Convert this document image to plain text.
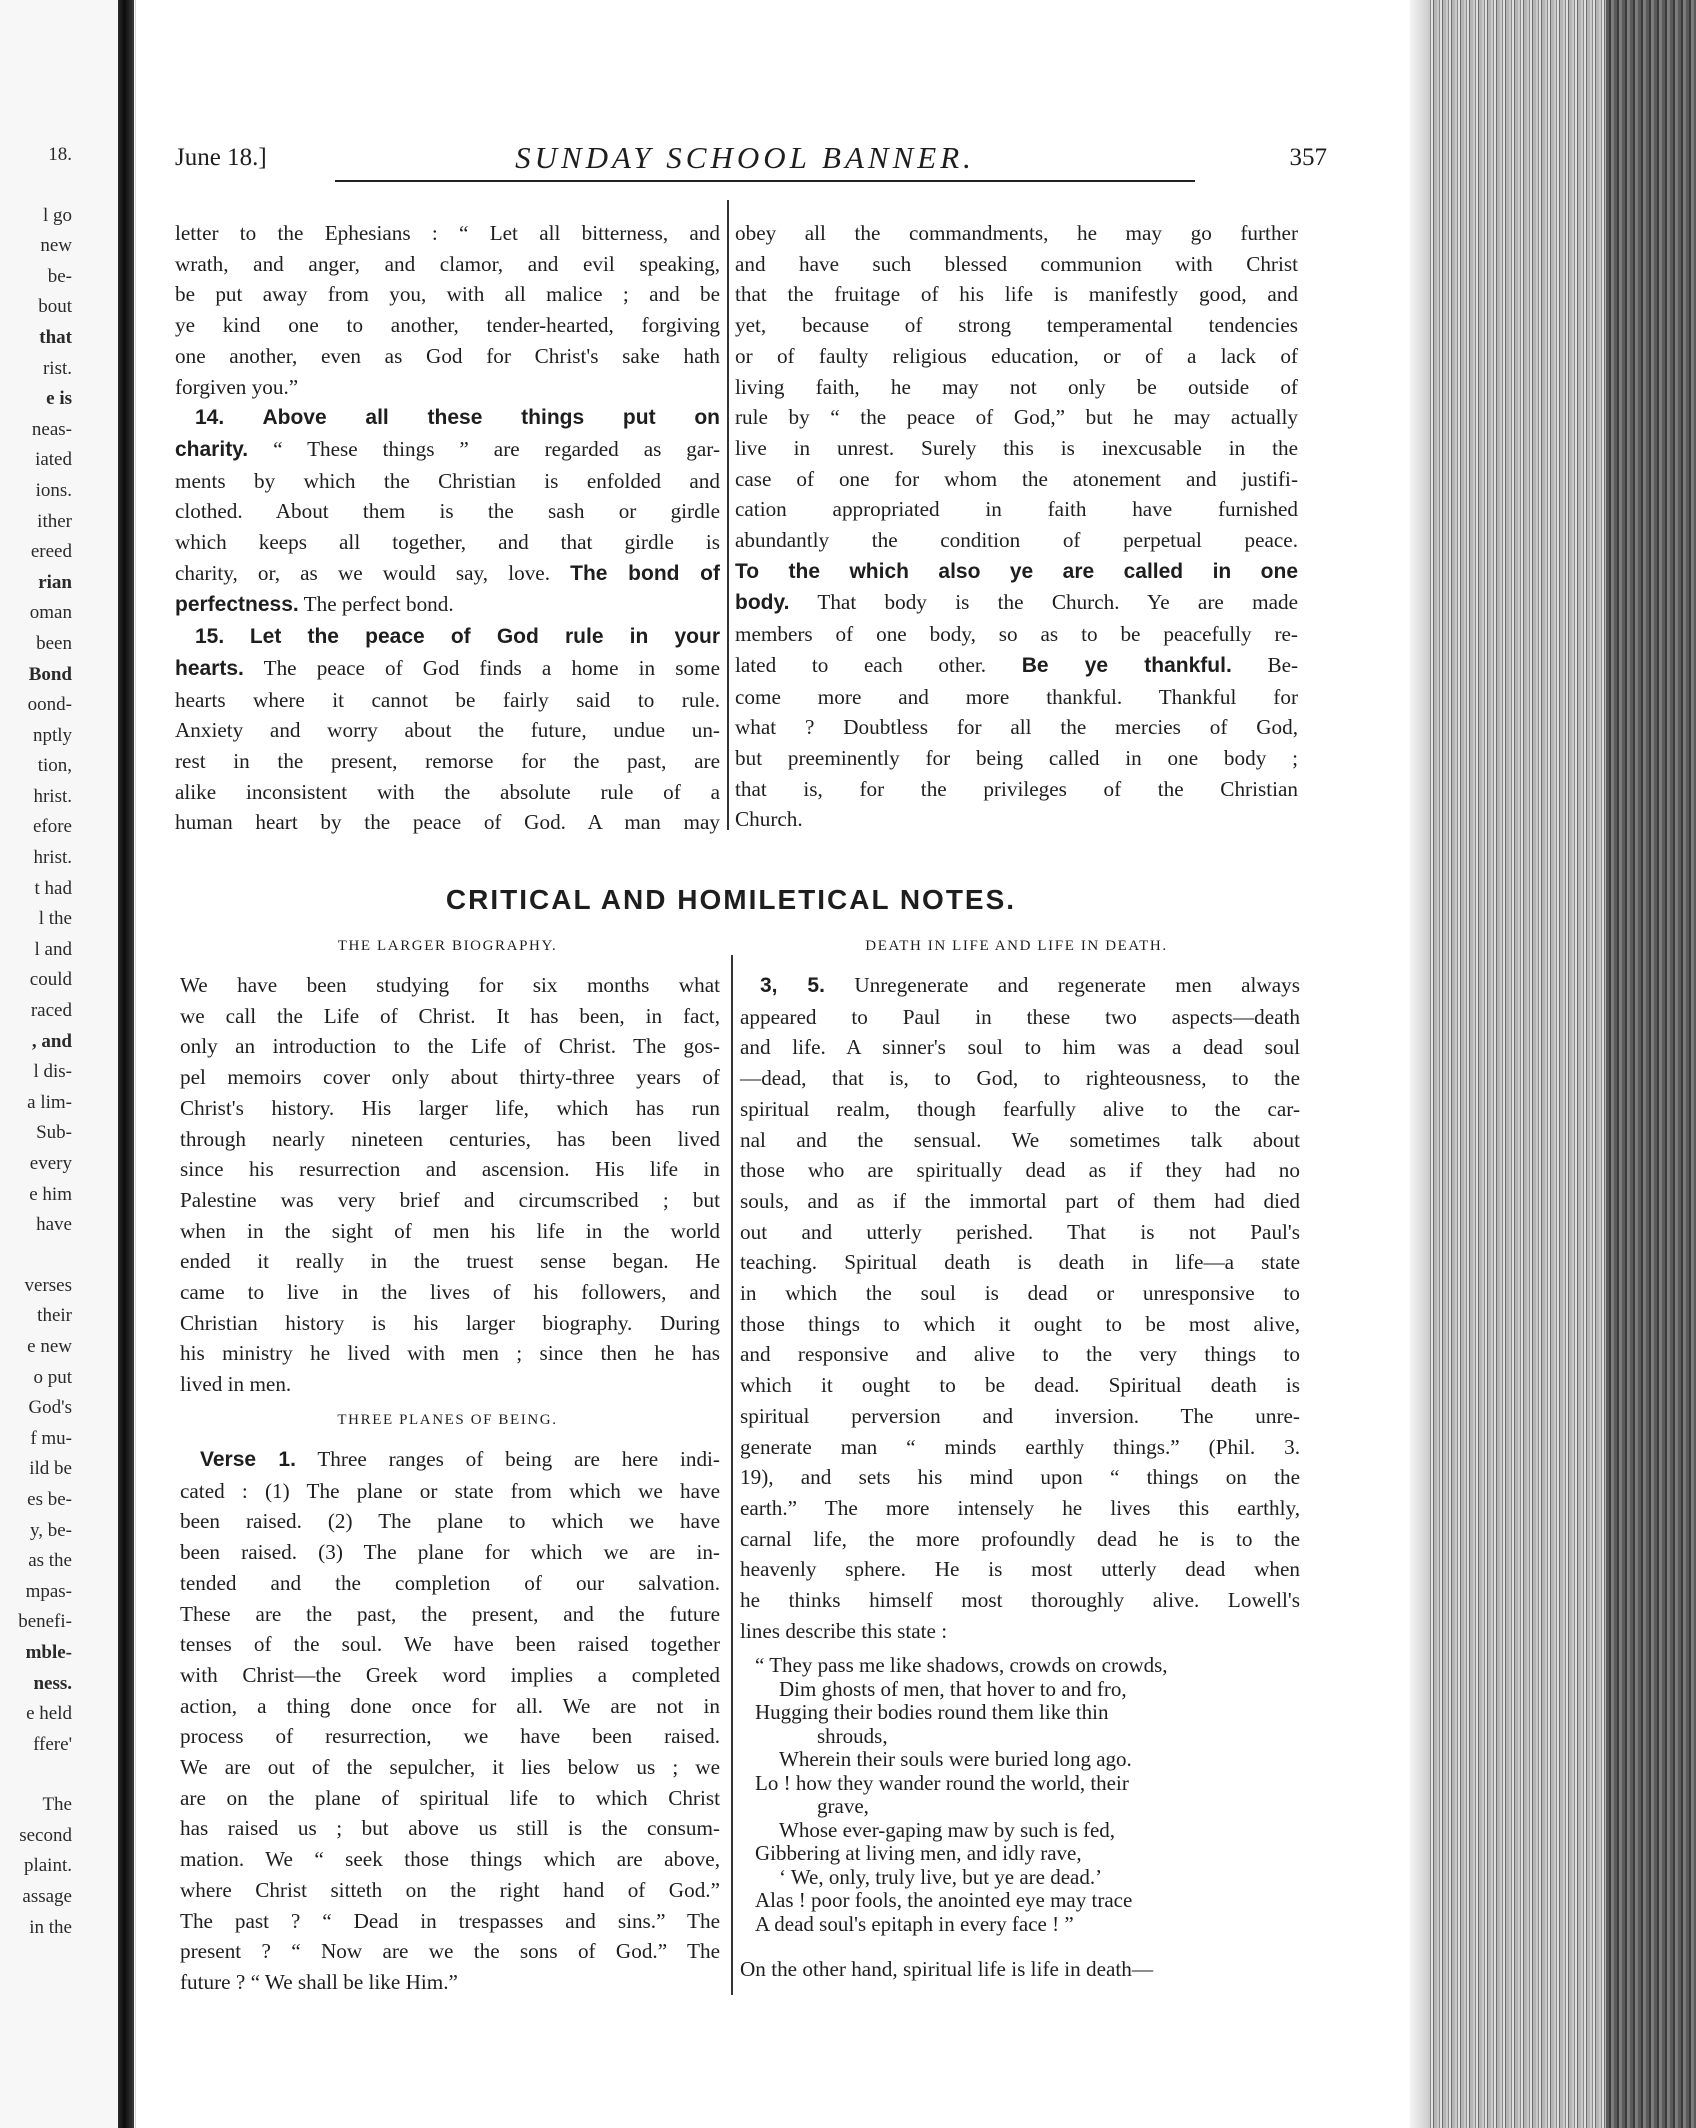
18.
l go
new
be-
bout
that
rist.
e is
neas-
iated
ions.
ither
ereed
rian
oman
been
Bond
oond-
nptly
tion,
hrist.
efore
hrist.
t had
l the
l and
could
raced
, and
l dis-
a lim-
Sub-
every
e him
have
verses
their
e new
o put
God's
f mu-
ild be
es be-
y, be-
as the
mpas-
benefi-
mble-
ness.
e held
ffere'
The
second
plaint.
assage
in the
June 18.]	SUNDAY SCHOOL BANNER.	357
letter to the Ephesians : “ Let all bitterness, and
wrath, and anger, and clamor, and evil speaking,
be put away from you, with all malice ; and be
ye kind one to another, tender-hearted, forgiving
one another, even as God for Christ's sake hath
forgiven you.”
14. Above all these things put on
charity. “ These things ” are regarded as gar-
ments by which the Christian is enfolded and
clothed. About them is the sash or girdle
which keeps all together, and that girdle is
charity, or, as we would say, love. The bond of
perfectness. The perfect bond.
15. Let the peace of God rule in your
hearts. The peace of God finds a home in some
hearts where it cannot be fairly said to rule.
Anxiety and worry about the future, undue un-
rest in the present, remorse for the past, are
alike inconsistent with the absolute rule of a
human heart by the peace of God. A man may
obey all the commandments, he may go further
and have such blessed communion with Christ
that the fruitage of his life is manifestly good, and
yet, because of strong temperamental tendencies
or of faulty religious education, or of a lack of
living faith, he may not only be outside of
rule by “ the peace of God,” but he may actually
live in unrest. Surely this is inexcusable in the
case of one for whom the atonement and justifi-
cation appropriated in faith have furnished
abundantly the condition of perpetual peace.
To the which also ye are called in one
body. That body is the Church. Ye are made
members of one body, so as to be peacefully re-
lated to each other. Be ye thankful. Be-
come more and more thankful. Thankful for
what ? Doubtless for all the mercies of God,
but preeminently for being called in one body ;
that is, for the privileges of the Christian
Church.
CRITICAL AND HOMILETICAL NOTES.
THE LARGER BIOGRAPHY.	DEATH IN LIFE AND LIFE IN DEATH.
We have been studying for six months what
we call the Life of Christ. It has been, in fact,
only an introduction to the Life of Christ. The gos-
pel memoirs cover only about thirty-three years of
Christ's history. His larger life, which has run
through nearly nineteen centuries, has been lived
since his resurrection and ascension. His life in
Palestine was very brief and circumscribed ; but
when in the sight of men his life in the world
ended it really in the truest sense began. He
came to live in the lives of his followers, and
Christian history is his larger biography. During
his ministry he lived with men ; since then he has
lived in men.
THREE PLANES OF BEING.
Verse 1. Three ranges of being are here indi-
cated : (1) The plane or state from which we have
been raised. (2) The plane to which we have
been raised. (3) The plane for which we are in-
tended and the completion of our salvation.
These are the past, the present, and the future
tenses of the soul. We have been raised together
with Christ—the Greek word implies a completed
action, a thing done once for all. We are not in
process of resurrection, we have been raised.
We are out of the sepulcher, it lies below us ; we
are on the plane of spiritual life to which Christ
has raised us ; but above us still is the consum-
mation. We “ seek those things which are above,
where Christ sitteth on the right hand of God.”
The past ? “ Dead in trespasses and sins.” The
present ? “ Now are we the sons of God.” The
future ? “ We shall be like Him.”
3, 5. Unregenerate and regenerate men always
appeared to Paul in these two aspects—death
and life. A sinner's soul to him was a dead soul
—dead, that is, to God, to righteousness, to the
spiritual realm, though fearfully alive to the car-
nal and the sensual. We sometimes talk about
those who are spiritually dead as if they had no
souls, and as if the immortal part of them had died
out and utterly perished. That is not Paul's
teaching. Spiritual death is death in life—a state
in which the soul is dead or unresponsive to
those things to which it ought to be most alive,
and responsive and alive to the very things to
which it ought to be dead. Spiritual death is
spiritual perversion and inversion. The unre-
generate man “ minds earthly things.” (Phil. 3.
19), and sets his mind upon “ things on the
earth.” The more intensely he lives this earthly,
carnal life, the more profoundly dead he is to the
heavenly sphere. He is most utterly dead when
he thinks himself most thoroughly alive. Lowell's
lines describe this state :
“ They pass me like shadows, crowds on crowds,
Dim ghosts of men, that hover to and fro,
Hugging their bodies round them like thin
shrouds,
Wherein their souls were buried long ago.
Lo ! how they wander round the world, their
grave,
Whose ever-gaping maw by such is fed,
Gibbering at living men, and idly rave,
‘ We, only, truly live, but ye are dead.’
Alas ! poor fools, the anointed eye may trace
A dead soul's epitaph in every face ! ”
On the other hand, spiritual life is life in death—
